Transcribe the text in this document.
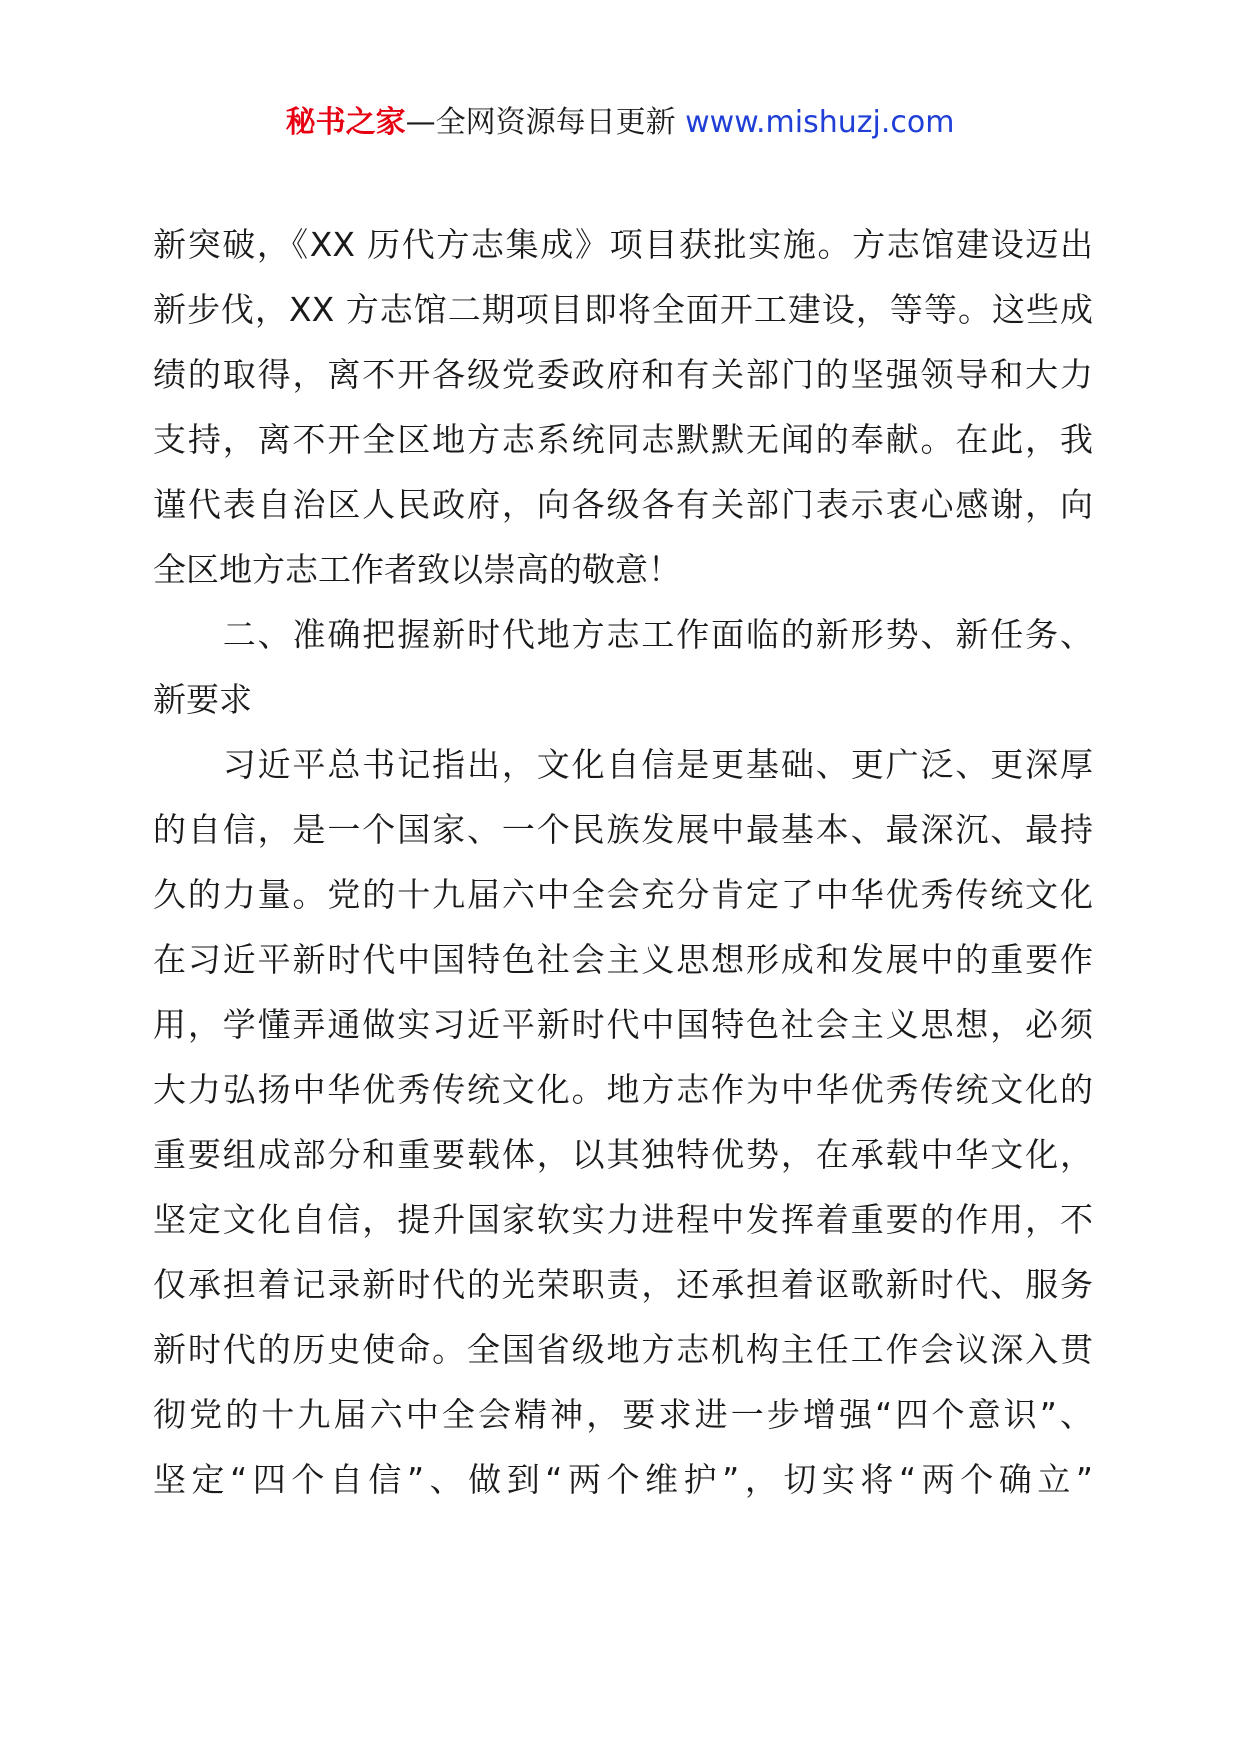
秘书之家—全网资源每日更新 www.mishuzj.com
新突破，《XX 历代方志集成》项目获批实施。方志馆建设迈出
新步伐，XX 方志馆二期项目即将全面开工建设，等等。这些成
绩的取得，离不开各级党委政府和有关部门的坚强领导和大力
支持，离不开全区地方志系统同志默默无闻的奉献。在此，我
谨代表自治区人民政府，向各级各有关部门表示衷心感谢，向
全区地方志工作者致以崇高的敬意！
　　二、准确把握新时代地方志工作面临的新形势、新任务、
新要求
　　习近平总书记指出，文化自信是更基础、更广泛、更深厚
的自信，是一个国家、一个民族发展中最基本、最深沉、最持
久的力量。党的十九届六中全会充分肯定了中华优秀传统文化
在习近平新时代中国特色社会主义思想形成和发展中的重要作
用，学懂弄通做实习近平新时代中国特色社会主义思想，必须
大力弘扬中华优秀传统文化。地方志作为中华优秀传统文化的
重要组成部分和重要载体，以其独特优势，在承载中华文化，
坚定文化自信，提升国家软实力进程中发挥着重要的作用，不
仅承担着记录新时代的光荣职责，还承担着讴歌新时代、服务
新时代的历史使命。全国省级地方志机构主任工作会议深入贯
彻党的十九届六中全会精神，要求进一步增强“四个意识”、
坚定“四个自信”、做到“两个维护”，切实将“两个确立”
